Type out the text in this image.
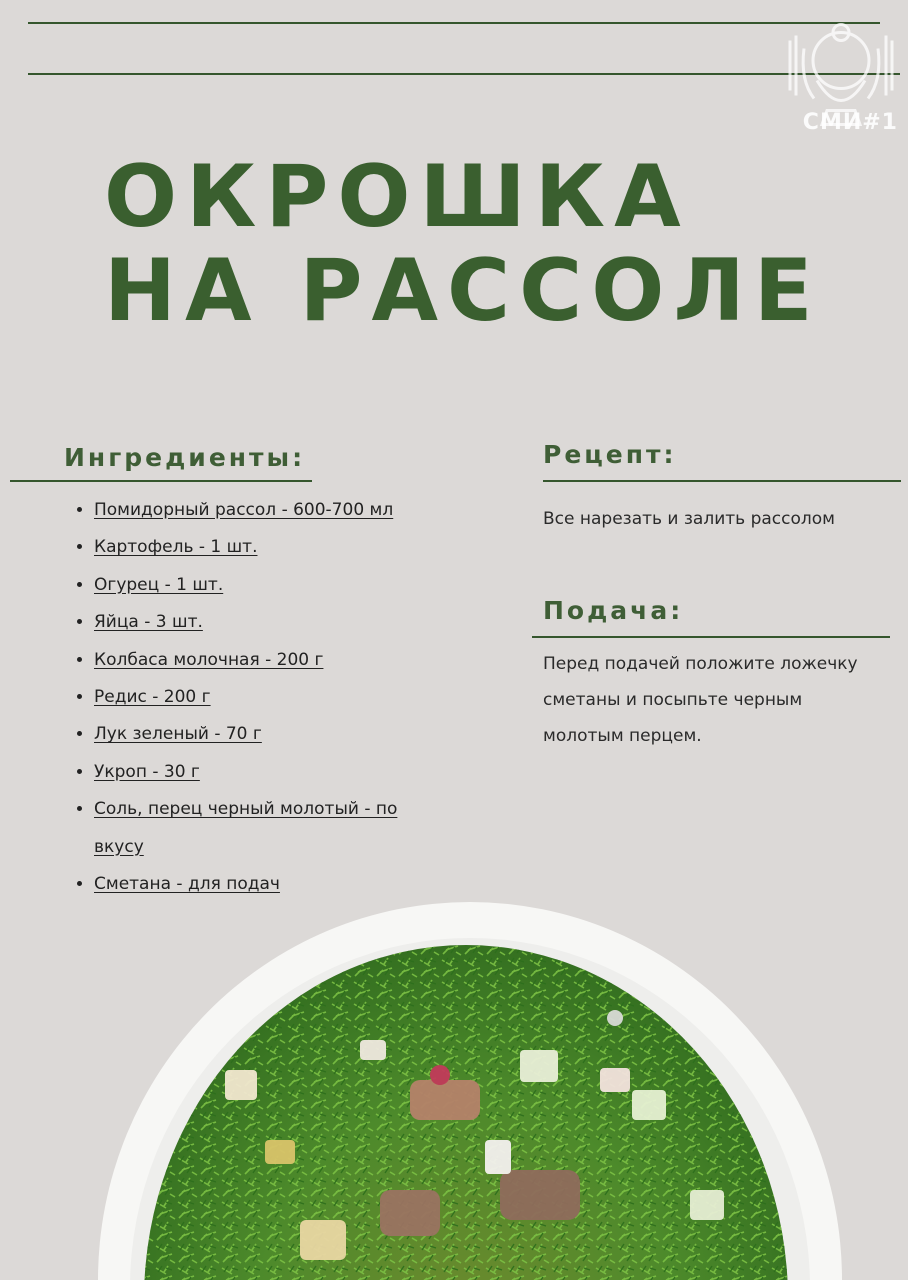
СМИ#1
ОКРОШКА НА РАССОЛЕ
Ингредиенты:
• Помидорный рассол - 600-700 мл
• Картофель - 1 шт.
• Огурец - 1 шт.
• Яйца - 3 шт.
• Колбаса молочная - 200 г
• Редис - 200 г
• Лук зеленый - 70 г
• Укроп - 30 г
• Соль, перец черный молотый - по вкусу
• Сметана - для подач
Рецепт:
Все нарезать и залить рассолом
Подача:
Перед подачей положите ложечку сметаны и посыпьте черным молотым перцем.
